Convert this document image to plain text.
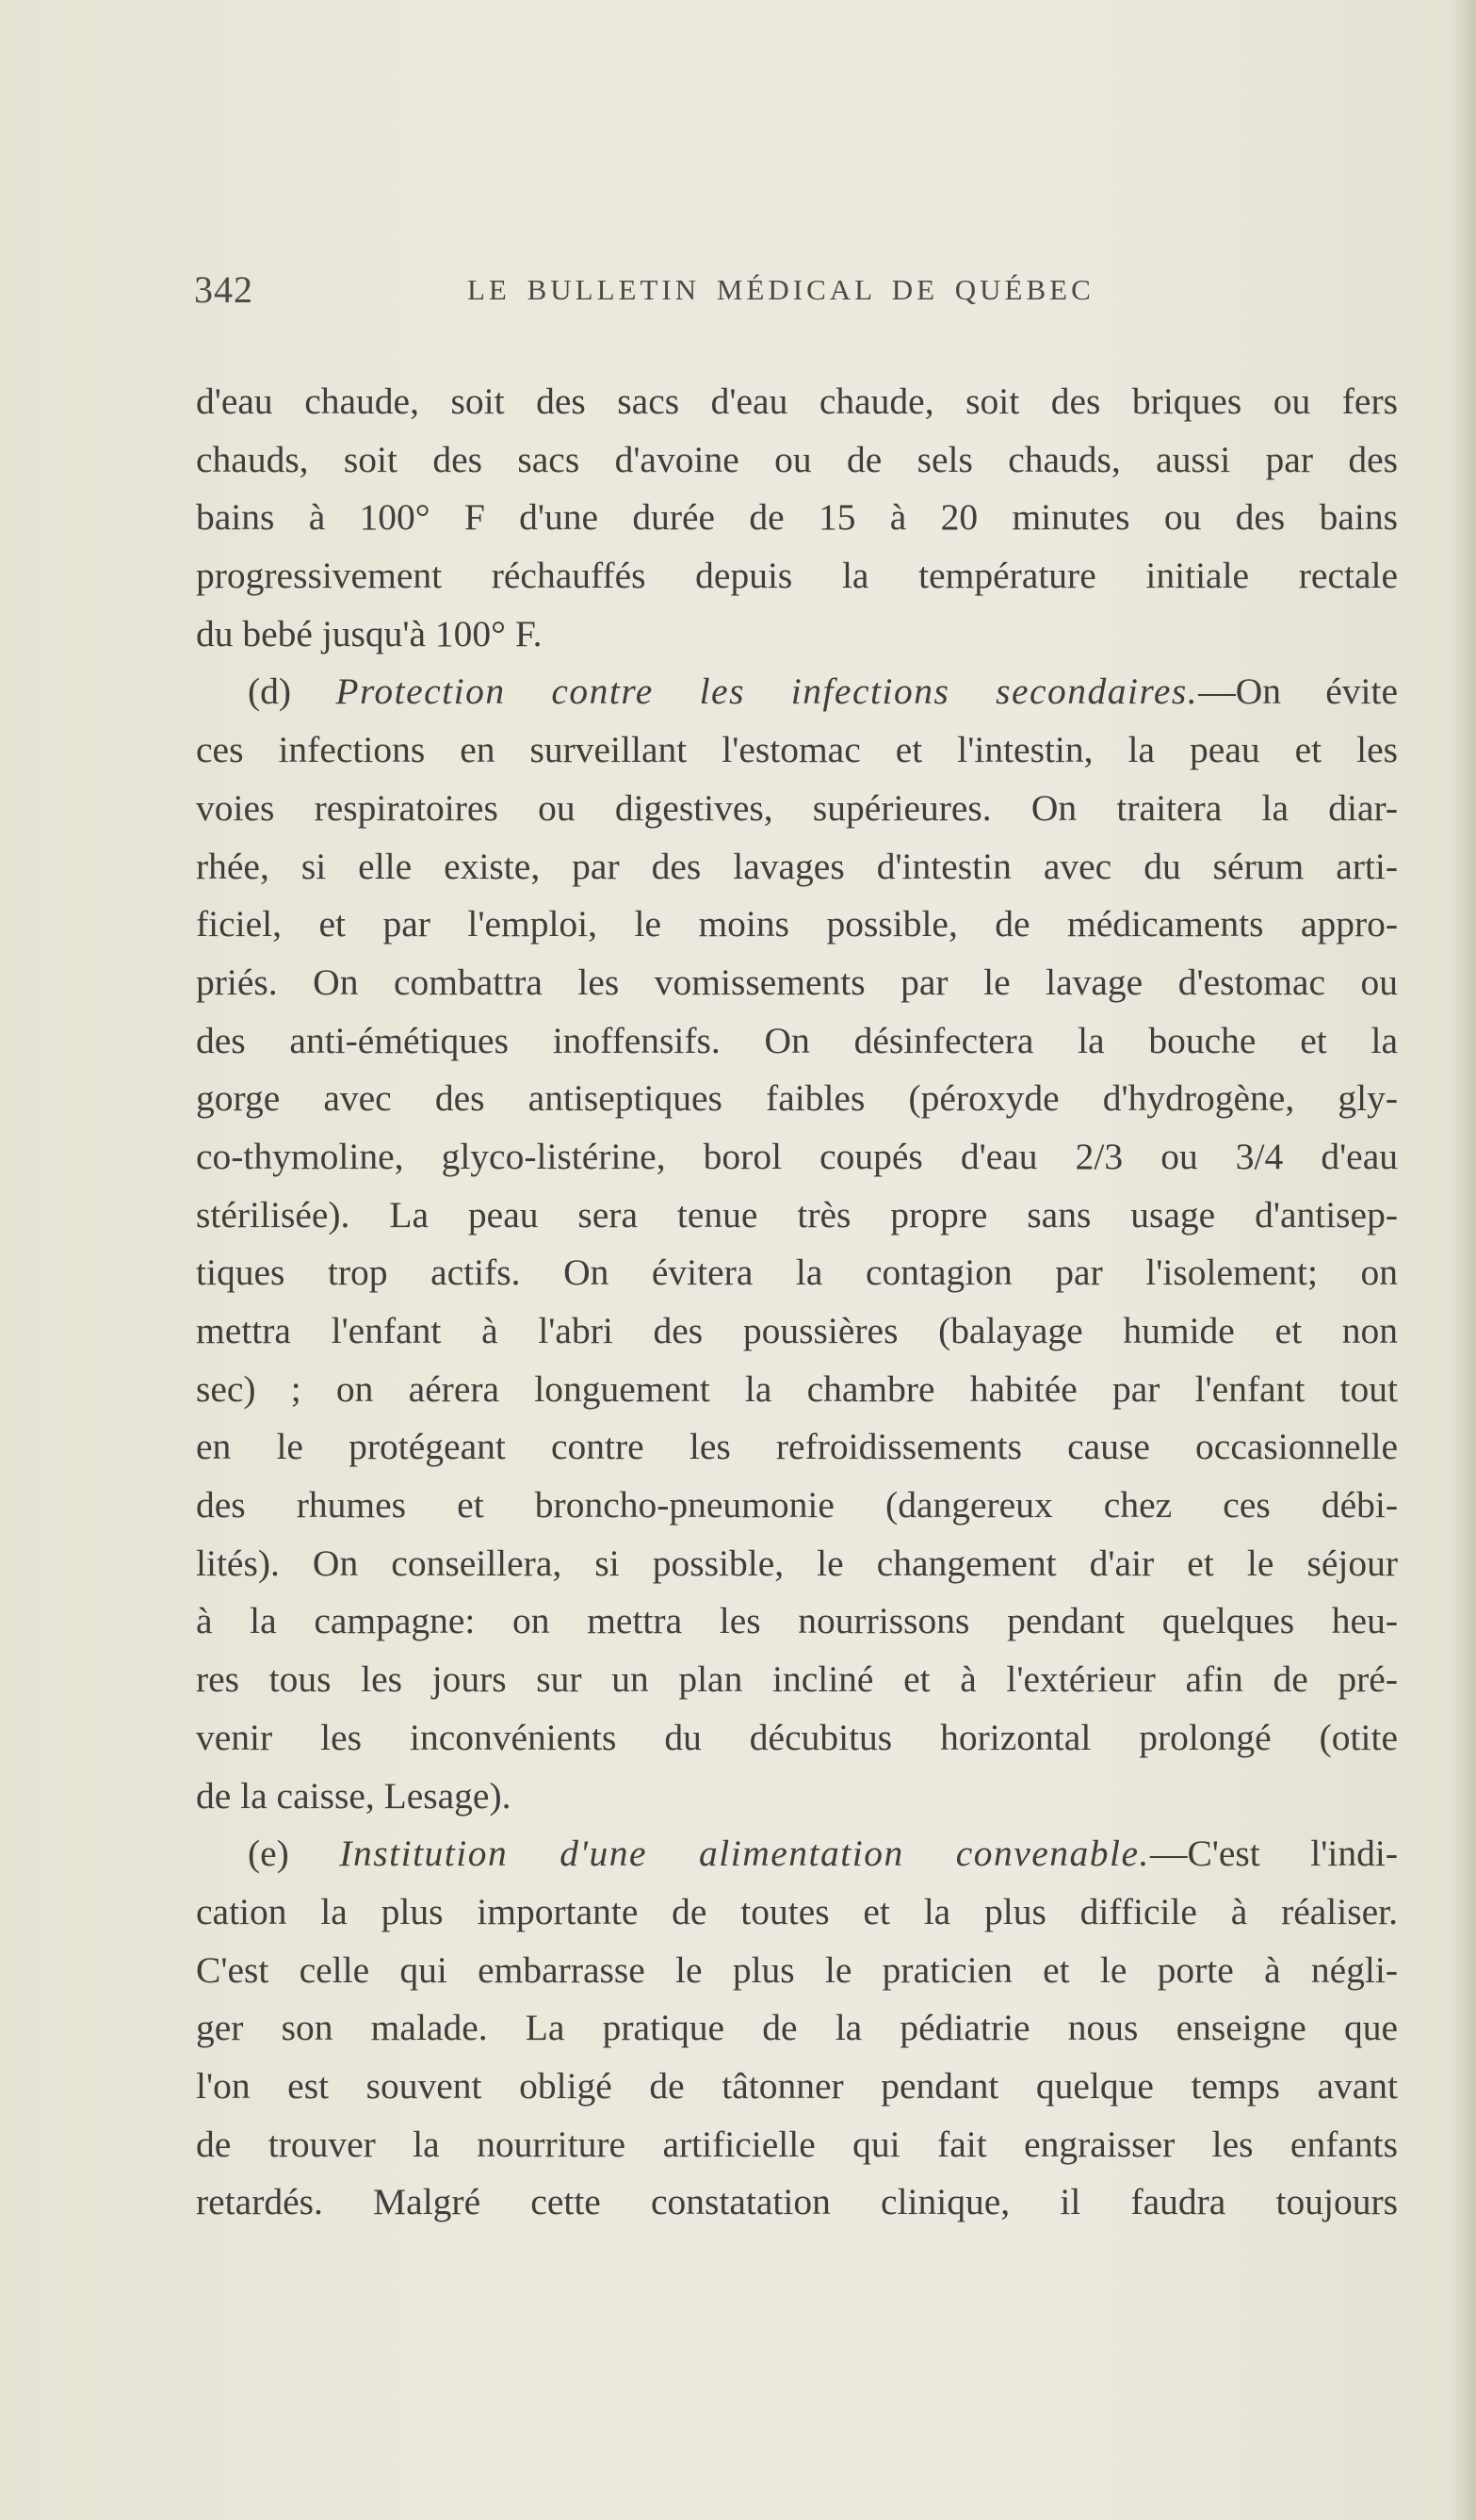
342	LE BULLETIN MÉDICAL DE QUÉBEC
d'eau chaude, soit des sacs d'eau chaude, soit des briques ou fers
chauds, soit des sacs d'avoine ou de sels chauds, aussi par des
bains à 100° F d'une durée de 15 à 20 minutes ou des bains
progressivement réchauffés depuis la température initiale rectale
du bebé jusqu'à 100° F.
(d) Protection contre les infections secondaires.—On évite
ces infections en surveillant l'estomac et l'intestin, la peau et les
voies respiratoires ou digestives, supérieures. On traitera la diar-
rhée, si elle existe, par des lavages d'intestin avec du sérum arti-
ficiel, et par l'emploi, le moins possible, de médicaments appro-
priés. On combattra les vomissements par le lavage d'estomac ou
des anti-émétiques inoffensifs. On désinfectera la bouche et la
gorge avec des antiseptiques faibles (péroxyde d'hydrogène, gly-
co-thymoline, glyco-listérine, borol coupés d'eau 2/3 ou 3/4 d'eau
stérilisée). La peau sera tenue très propre sans usage d'antisep-
tiques trop actifs. On évitera la contagion par l'isolement; on
mettra l'enfant à l'abri des poussières (balayage humide et non
sec) ; on aérera longuement la chambre habitée par l'enfant tout
en le protégeant contre les refroidissements cause occasionnelle
des rhumes et broncho-pneumonie (dangereux chez ces débi-
lités). On conseillera, si possible, le changement d'air et le séjour
à la campagne: on mettra les nourrissons pendant quelques heu-
res tous les jours sur un plan incliné et à l'extérieur afin de pré-
venir les inconvénients du décubitus horizontal prolongé (otite
de la caisse, Lesage).
(e) Institution d'une alimentation convenable.—C'est l'indi-
cation la plus importante de toutes et la plus difficile à réaliser.
C'est celle qui embarrasse le plus le praticien et le porte à négli-
ger son malade. La pratique de la pédiatrie nous enseigne que
l'on est souvent obligé de tâtonner pendant quelque temps avant
de trouver la nourriture artificielle qui fait engraisser les enfants
retardés. Malgré cette constatation clinique, il faudra toujours
